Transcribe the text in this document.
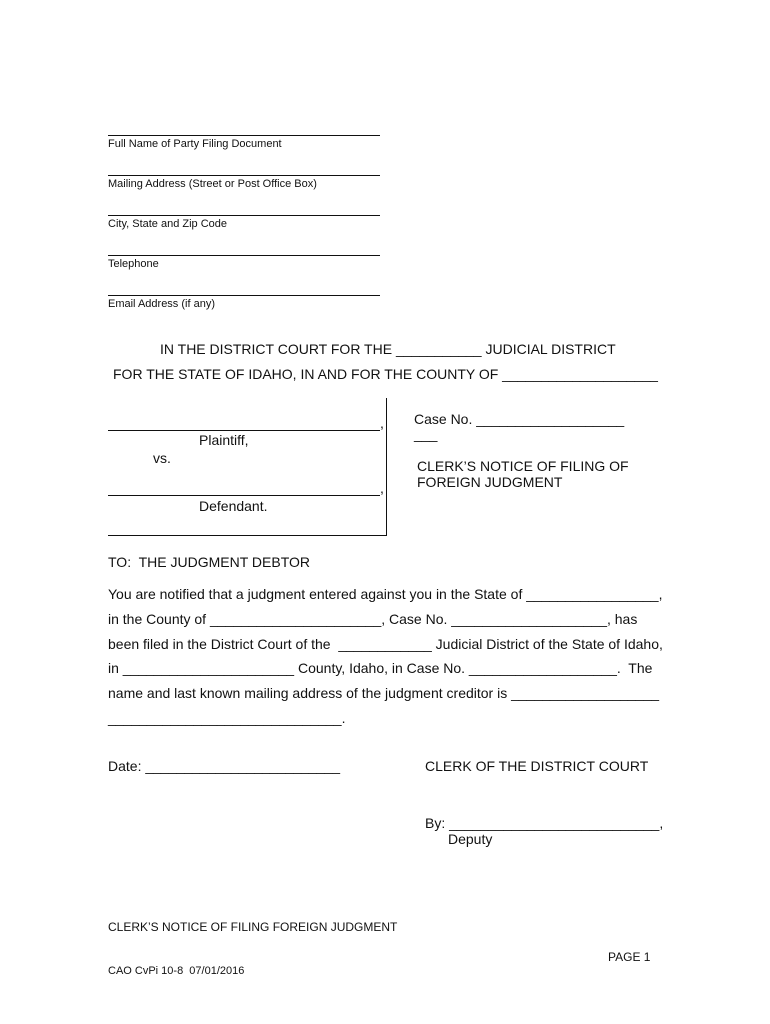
Full Name of Party Filing Document
Mailing Address (Street or Post Office Box)
City, State and Zip Code
Telephone
Email Address (if any)
IN THE DISTRICT COURT FOR THE ___________ JUDICIAL DISTRICT
FOR THE STATE OF IDAHO, IN AND FOR THE COUNTY OF ____________________
,
Plaintiff,
vs.
,
Defendant.
Case No. ___________________
___
CLERK’S NOTICE OF FILING OF
FOREIGN JUDGMENT
TO:  THE JUDGMENT DEBTOR
You are notified that a judgment entered against you in the State of _________________,
in the County of ______________________, Case No. ____________________, has
been filed in the District Court of the  ____________ Judicial District of the State of Idaho,
in ______________________ County, Idaho, in Case No. ___________________.  The
name and last known mailing address of the judgment creditor is ___________________
______________________________.
Date: _________________________	CLERK OF THE DISTRICT COURT
By: ___________________________,
Deputy
CLERK’S NOTICE OF FILING FOREIGN JUDGMENT
PAGE 1
CAO CvPi 10-8  07/01/2016
